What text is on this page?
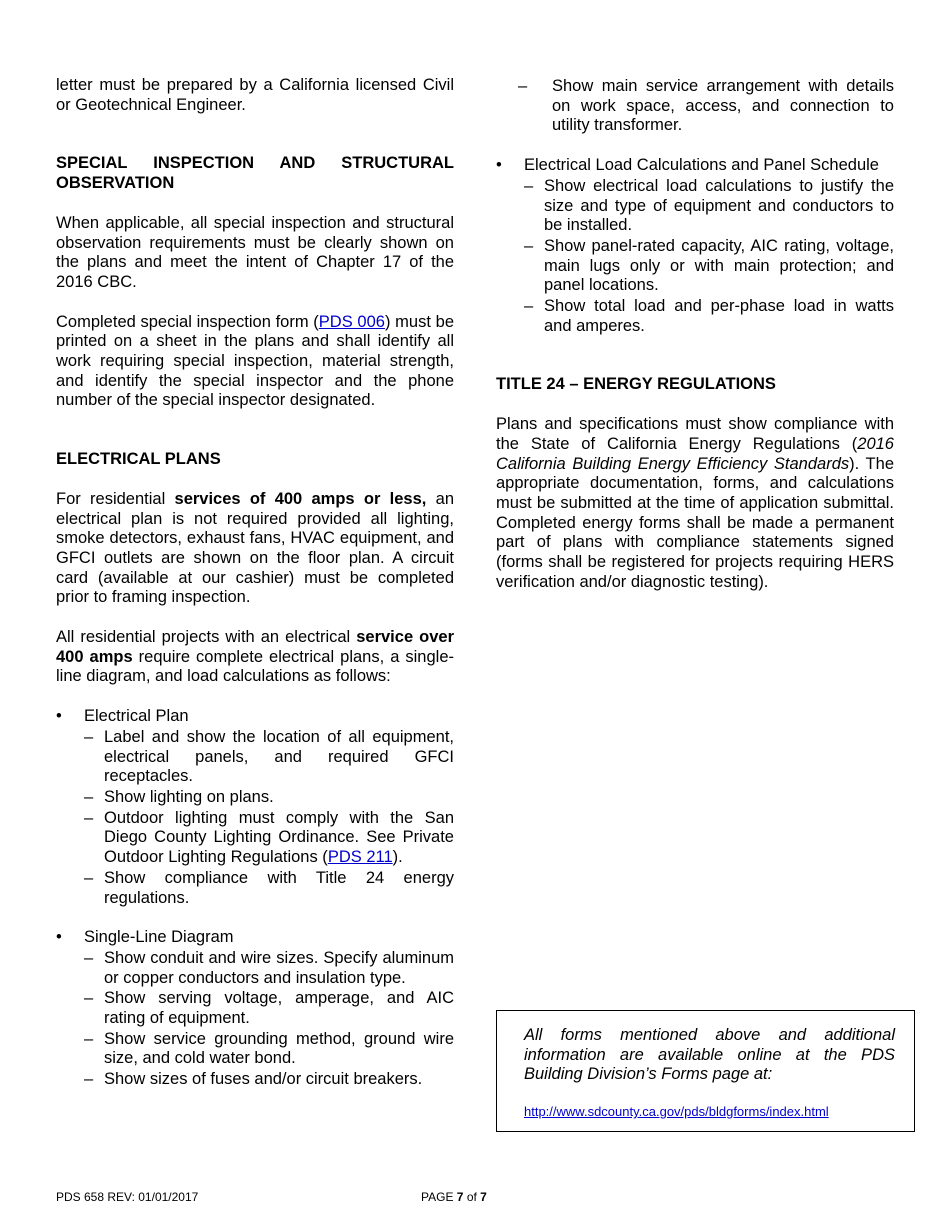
letter must be prepared by a California licensed Civil or Geotechnical Engineer.

SPECIAL INSPECTION AND STRUCTURAL OBSERVATION

When applicable, all special inspection and structural observation requirements must be clearly shown on the plans and meet the intent of Chapter 17 of the 2016 CBC.

Completed special inspection form (PDS 006) must be printed on a sheet in the plans and shall identify all work requiring special inspection, material strength, and identify the special inspector and the phone number of the special inspector designated.

ELECTRICAL PLANS

For residential services of 400 amps or less, an electrical plan is not required provided all lighting, smoke detectors, exhaust fans, HVAC equipment, and GFCI outlets are shown on the floor plan. A circuit card (available at our cashier) must be completed prior to framing inspection.

All residential projects with an electrical service over 400 amps require complete electrical plans, a single-line diagram, and load calculations as follows:

• Electrical Plan
– Label and show the location of all equipment, electrical panels, and required GFCI receptacles.
– Show lighting on plans.
– Outdoor lighting must comply with the San Diego County Lighting Ordinance. See Private Outdoor Lighting Regulations (PDS 211).
– Show compliance with Title 24 energy regulations.
• Single-Line Diagram
– Show conduit and wire sizes. Specify aluminum or copper conductors and insulation type.
– Show serving voltage, amperage, and AIC rating of equipment.
– Show service grounding method, ground wire size, and cold water bond.
– Show sizes of fuses and/or circuit breakers.
– Show main service arrangement with details on work space, access, and connection to utility transformer.
• Electrical Load Calculations and Panel Schedule
– Show electrical load calculations to justify the size and type of equipment and conductors to be installed.
– Show panel-rated capacity, AIC rating, voltage, main lugs only or with main protection; and panel locations.
– Show total load and per-phase load in watts and amperes.

TITLE 24 – ENERGY REGULATIONS

Plans and specifications must show compliance with the State of California Energy Regulations (2016 California Building Energy Efficiency Standards). The appropriate documentation, forms, and calculations must be submitted at the time of application submittal. Completed energy forms shall be made a permanent part of plans with compliance statements signed (forms shall be registered for projects requiring HERS verification and/or diagnostic testing).

All forms mentioned above and additional information are available online at the PDS Building Division’s Forms page at:
http://www.sdcounty.ca.gov/pds/bldgforms/index.html
PDS 658 REV: 01/01/2017	PAGE 7 of 7
